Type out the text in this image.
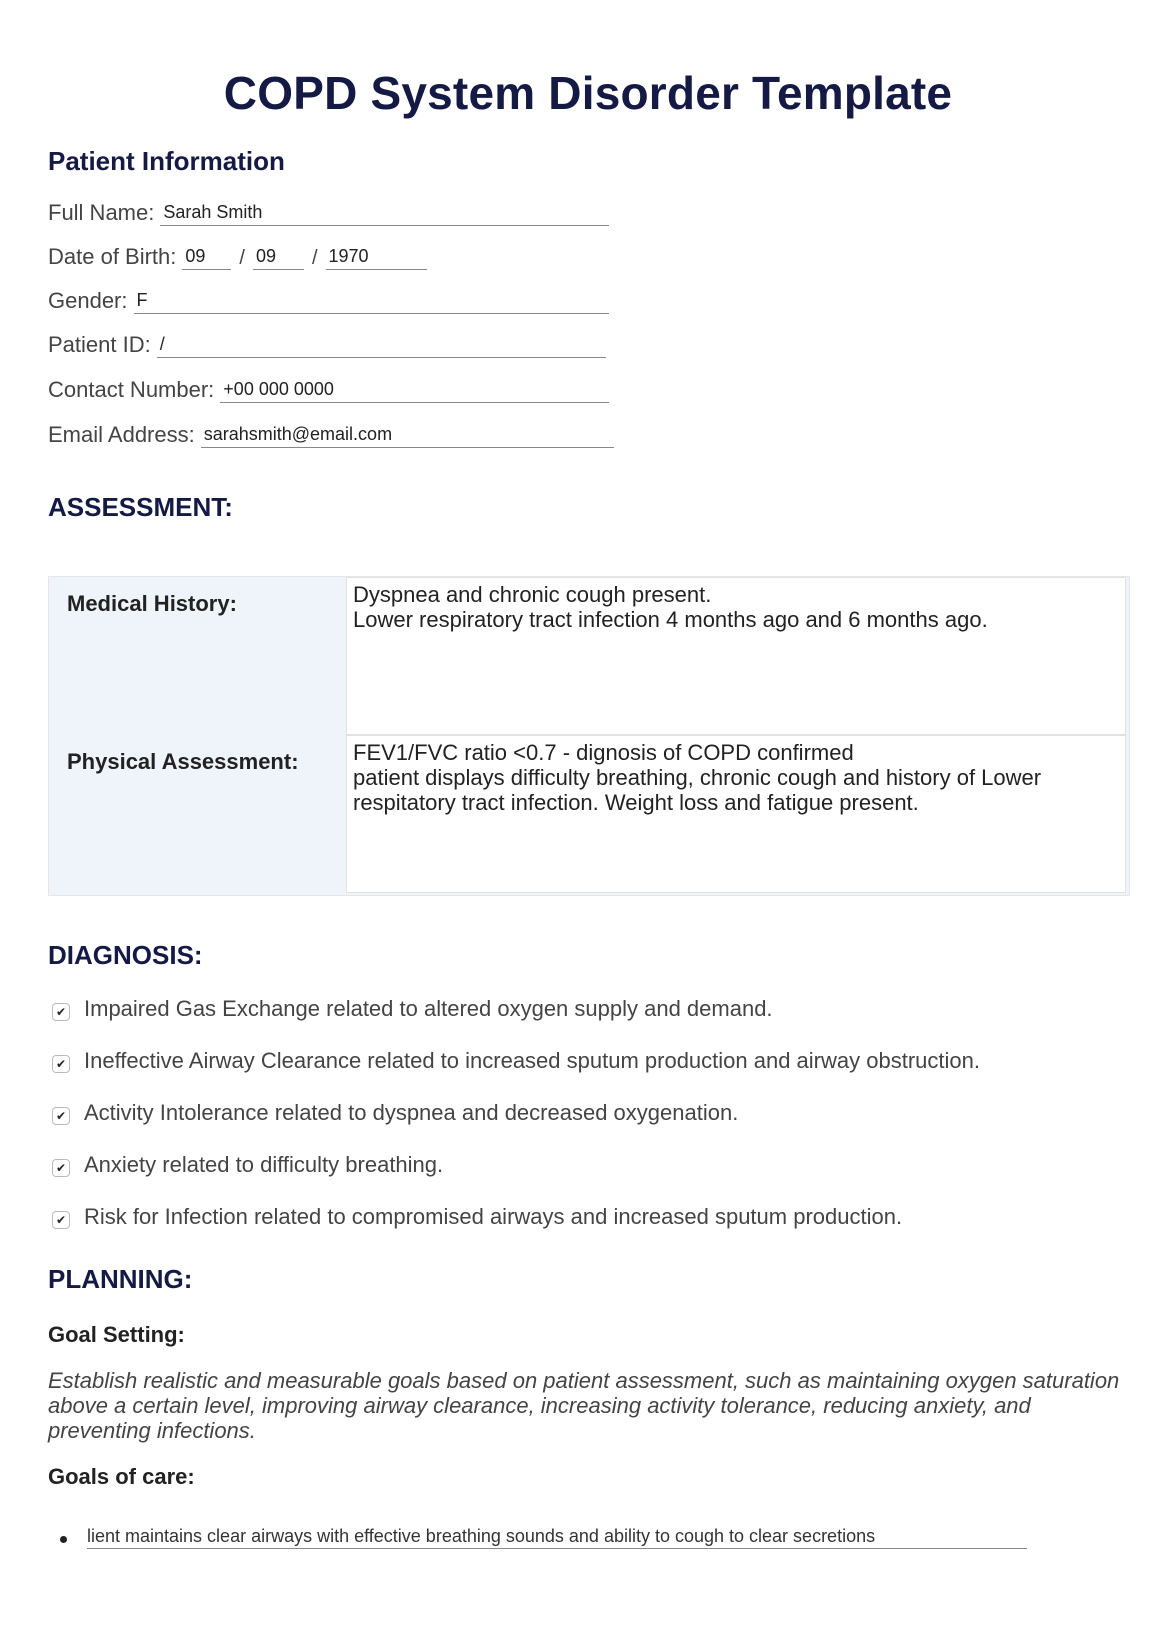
COPD System Disorder Template
Patient Information
Full Name: Sarah Smith
Date of Birth: 09	/ 09	/ 1970
Gender: F
Patient ID: /
Contact Number: +00 000 0000
Email Address: sarahsmith@email.com
ASSESSMENT:
Medical History:	Dyspnea and chronic cough present.
Lower respiratory tract infection 4 months ago and 6 months ago.
Physical Assessment: FEV1/FVC ratio <0.7 - dignosis of COPD confirmed
patient displays difficulty breathing, chronic cough and history of Lower respitatory tract infection. Weight loss and fatigue present.
DIAGNOSIS:
✔ Impaired Gas Exchange related to altered oxygen supply and demand.
✔ Ineffective Airway Clearance related to increased sputum production and airway obstruction.
✔ Activity Intolerance related to dyspnea and decreased oxygenation.
✔ Anxiety related to difficulty breathing.
✔ Risk for Infection related to compromised airways and increased sputum production.
PLANNING:
Goal Setting:
Establish realistic and measurable goals based on patient assessment, such as maintaining oxygen saturation above a certain level, improving airway clearance, increasing activity tolerance, reducing anxiety, and preventing infections.
Goals of care:
lient maintains clear airways with effective breathing sounds and ability to cough to clear secretions
